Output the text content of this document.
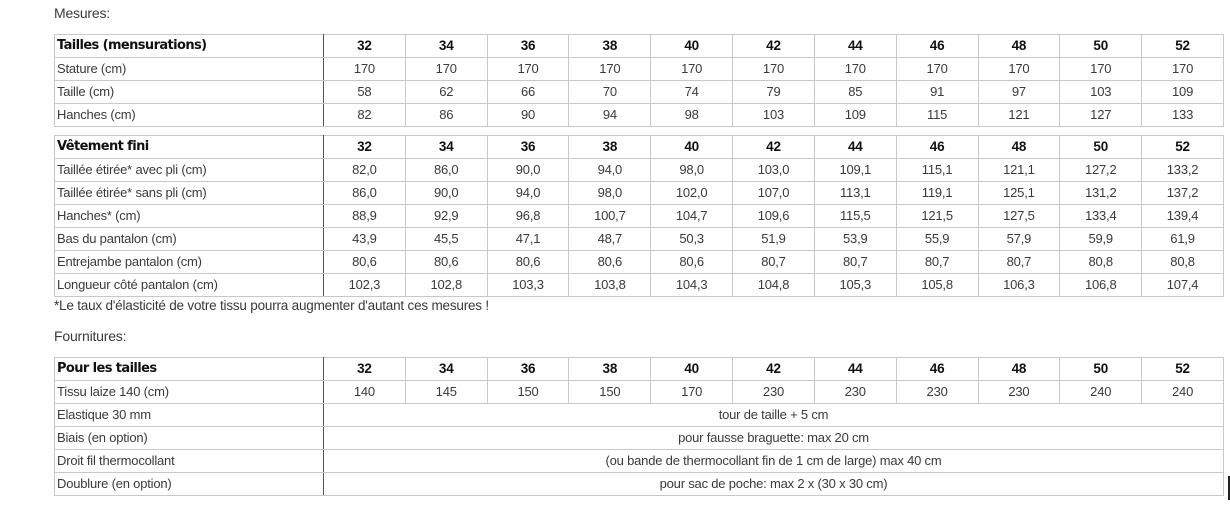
Mesures:
Tailles (mensurations)	32	34	36	38	40	42	44	46	48	50	52
Stature (cm)	170	170	170	170	170	170	170	170	170	170	170
Taille (cm)	58	62	66	70	74	79	85	91	97	103	109
Hanches (cm)	82	86	90	94	98	103	109	115	121	127	133
Vêtement fini	32	34	36	38	40	42	44	46	48	50	52
Taillée étirée* avec pli (cm)	82,0	86,0	90,0	94,0	98,0	103,0	109,1	115,1	121,1	127,2	133,2
Taillée étirée* sans pli (cm)	86,0	90,0	94,0	98,0	102,0	107,0	113,1	119,1	125,1	131,2	137,2
Hanches* (cm)	88,9	92,9	96,8	100,7	104,7	109,6	115,5	121,5	127,5	133,4	139,4
Bas du pantalon (cm)	43,9	45,5	47,1	48,7	50,3	51,9	53,9	55,9	57,9	59,9	61,9
Entrejambe pantalon (cm)	80,6	80,6	80,6	80,6	80,6	80,7	80,7	80,7	80,7	80,8	80,8
Longueur côté pantalon (cm)	102,3	102,8	103,3	103,8	104,3	104,8	105,3	105,8	106,3	106,8	107,4
*Le taux d'élasticité de votre tissu pourra augmenter d'autant ces mesures !
Fournitures:
Pour les tailles	32	34	36	38	40	42	44	46	48	50	52
Tissu laize 140 (cm)	140	145	150	150	170	230	230	230	230	240	240
Elastique 30 mm	tour de taille + 5 cm										
Biais (en option)	pour fausse braguette: max 20 cm										
Droit fil thermocollant	(ou bande de thermocollant fin de 1 cm de large) max 40 cm										
Doublure (en option)	pour sac de poche: max 2 x (30 x 30 cm)										
